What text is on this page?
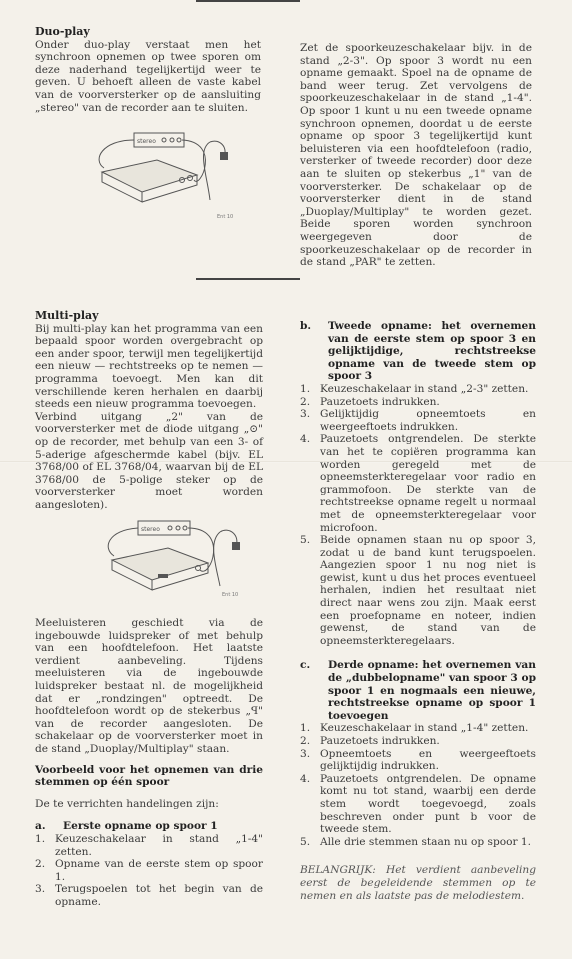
Duo-play

Onder duo-play verstaat men het synchroon opnemen op twee sporen om deze naderhand tegelijkertijd weer te geven. U behoeft alleen de vaste kabel van de voorversterker op de aansluiting „stereo" van de recorder aan te sluiten.

stereo
Ent 10

Zet de spoorkeuzeschakelaar bijv. in de stand „2-3". Op spoor 3 wordt nu een opname gemaakt. Spoel na de opname de band weer terug. Zet vervolgens de spoorkeuzeschakelaar in de stand „1-4". Op spoor 1 kunt u nu een tweede opname synchroon opnemen, doordat u de eerste opname op spoor 3 tegelijkertijd kunt beluisteren via een hoofdtelefoon (radio, versterker of tweede recorder) door deze aan te sluiten op stekerbus „1" van de voorversterker. De schakelaar op de voorversterker dient in de stand „Duoplay/Multiplay" te worden gezet. Beide sporen worden synchroon weergegeven door de spoorkeuzeschakelaar op de recorder in de stand „PAR" te zetten.

Multi-play

Bij multi-play kan het programma van een bepaald spoor worden overgebracht op een ander spoor, terwijl men tegelijkertijd een nieuw — rechtstreeks op te nemen — programma toevoegt. Men kan dit verschillende keren herhalen en daarbij steeds een nieuw programma toevoegen.

Verbind uitgang „2" van de voorversterker met de diode uitgang „⊙" op de recorder, met behulp van een 3- of 5-aderige afgeschermde kabel (bijv. EL 3768/00 of EL 3768/04, waarvan bij de EL 3768/00 de 5-polige steker op de voorversterker moet worden aangesloten).

stereo
Ent 10

Meeluisteren geschiedt via de ingebouwde luidspreker of met behulp van een hoofdtelefoon. Het laatste verdient aanbeveling. Tijdens meeluisteren via de ingebouwde luidspreker bestaat nl. de mogelijkheid dat er „rondzingen" optreedt. De hoofdtelefoon wordt op de stekerbus „ꟼ" van de recorder aangesloten. De schakelaar op de voorversterker moet in de stand „Duoplay/Multiplay" staan.

Voorbeeld voor het opnemen van drie stemmen op één spoor

De te verrichten handelingen zijn:

a.	Eerste opname op spoor 1
1. Keuzeschakelaar in stand „1-4" zetten.
2. Opname van de eerste stem op spoor 1.
3. Terugspoelen tot het begin van de opname.
b.	Tweede opname: het overnemen van de eerste stem op spoor 3 en gelijktijdige, rechtstreekse opname van de tweede stem op spoor 3
1. Keuzeschakelaar in stand „2-3" zetten.
2. Pauzetoets indrukken.
3. Gelijktijdig opneemtoets en weergeeftoets indrukken.
4. Pauzetoets ontgrendelen. De sterkte van het te copiëren programma kan worden geregeld met de opneemsterkteregelaar voor radio en grammofoon. De sterkte van de rechtstreekse opname regelt u normaal met de opneemsterkteregelaar voor microfoon.
5. Beide opnamen staan nu op spoor 3, zodat u de band kunt terugspoelen. Aangezien spoor 1 nu nog niet is gewist, kunt u dus het proces eventueel herhalen, indien het resultaat niet direct naar wens zou zijn. Maak eerst een proefopname en noteer, indien gewenst, de stand van de opneemsterkteregelaars.
c.	Derde opname: het overnemen van de „dubbelopname" van spoor 3 op spoor 1 en nogmaals een nieuwe, rechtstreekse opname op spoor 1 toevoegen
1. Keuzeschakelaar in stand „1-4" zetten.
2. Pauzetoets indrukken.
3. Opneemtoets en weergeeftoets gelijktijdig indrukken.
4. Pauzetoets ontgrendelen. De opname komt nu tot stand, waarbij een derde stem wordt toegevoegd, zoals beschreven onder punt b voor de tweede stem.
5. Alle drie stemmen staan nu op spoor 1.

BELANGRIJK: Het verdient aanbeveling eerst de begeleidende stemmen op te nemen en als laatste pas de melodiestem.
